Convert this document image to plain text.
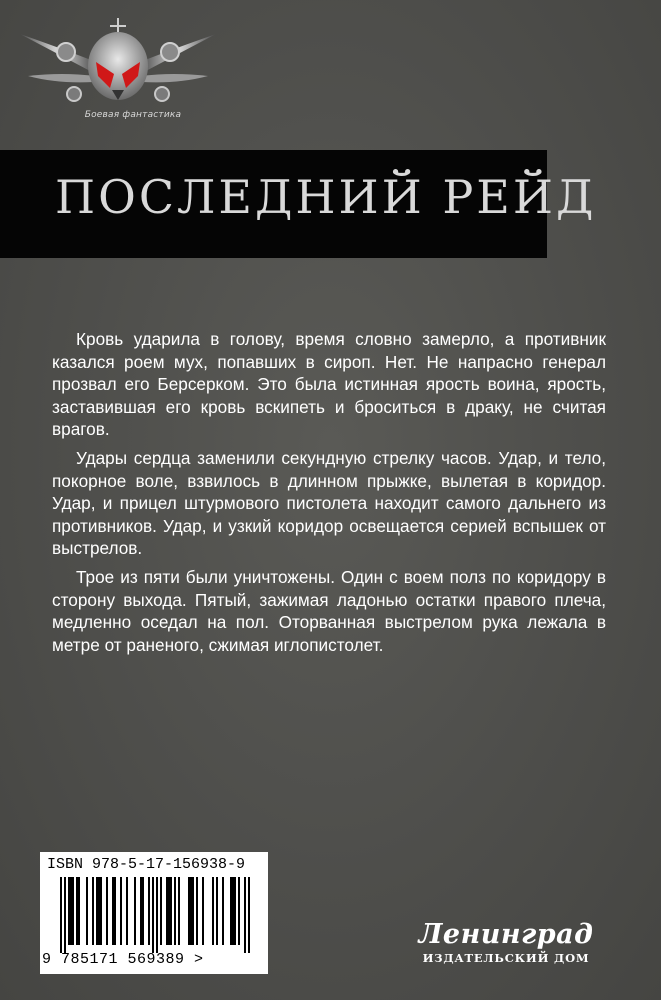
Боевая фантастика
ПОСЛЕДНИЙ РЕЙД

Кровь ударила в голову, время словно замерло, а противник казался роем мух, попавших в сироп. Нет. Не напрасно генерал прозвал его Берсерком. Это была истинная ярость воина, ярость, заставившая его кровь вскипеть и броситься в драку, не считая врагов.

Удары сердца заменили секундную стрелку часов. Удар, и тело, покорное воле, взвилось в длинном прыжке, вылетая в коридор. Удар, и прицел штурмового пистолета находит самого дальнего из противников. Удар, и узкий коридор освещается серией вспышек от выстрелов.

Трое из пяти были уничтожены. Один с воем полз по коридору в сторону выхода. Пятый, зажимая ладонью остатки правого плеча, медленно оседал на пол. Оторванная выстрелом рука лежала в метре от раненого, сжимая иглопистолет.

ISBN 978-5-17-156938-9
9 785171 569389 >
Ленинград
ИЗДАТЕЛЬСКИЙ ДОМ
